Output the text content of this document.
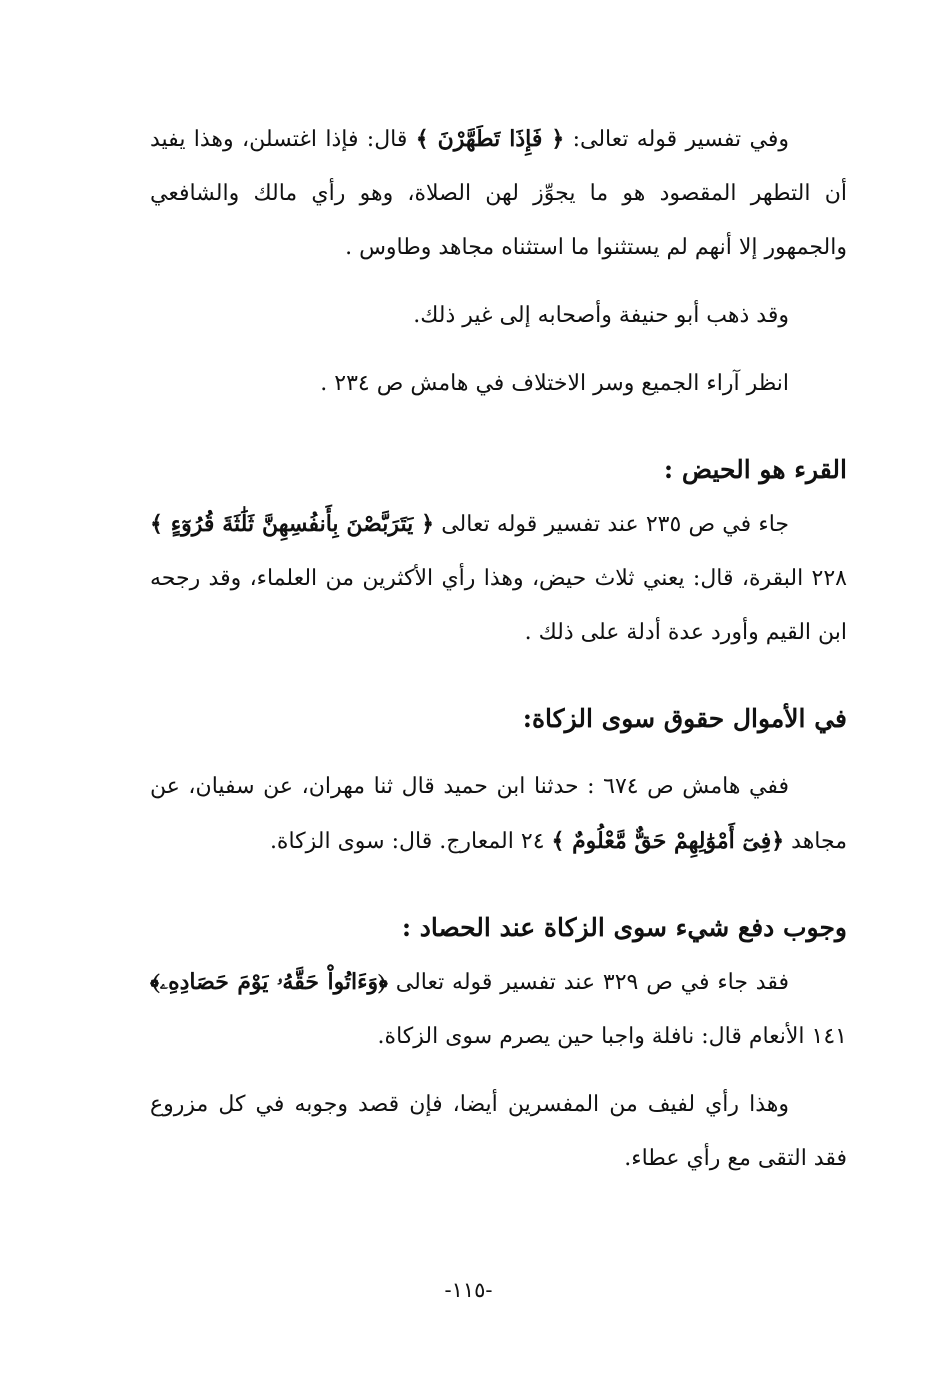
وفي تفسير قوله تعالى: ﴿ فَإِذَا تَطَهَّرْنَ ﴾ قال: فإذا اغتسلن، وهذا يفيد أن التطهر المقصود هو ما يجوِّز لهن الصلاة، وهو رأي مالك والشافعي والجمهور إلا أنهم لم يستثنوا ما استثناه مجاهد وطاوس .

وقد ذهب أبو حنيفة وأصحابه إلى غير ذلك.

انظر آراء الجميع وسر الاختلاف في هامش ص ٢٣٤ .

القرء هو الحيض :

جاء في ص ٢٣٥ عند تفسير قوله تعالى ﴿ يَتَرَبَّصْنَ بِأَنفُسِهِنَّ ثَلَٰثَةَ قُرُوٓءٍ ﴾ ٢٢٨ البقرة، قال: يعني ثلاث حيض، وهذا رأي الأكثرين من العلماء، وقد رجحه ابن القيم وأورد عدة أدلة على ذلك .

في الأموال حقوق سوى الزكاة:

ففي هامش ص ٦٧٤ : حدثنا ابن حميد قال ثنا مهران، عن سفيان، عن مجاهد ﴿فِىٓ أَمْوَٰلِهِمْ حَقٌّ مَّعْلُومٌ ﴾ ٢٤ المعارج. قال: سوى الزكاة.

وجوب دفع شيء سوى الزكاة عند الحصاد :

فقد جاء في ص ٣٢٩ عند تفسير قوله تعالى ﴿وَءَاتُواْ حَقَّهُۥ يَوْمَ حَصَادِهِۦ﴾ ١٤١ الأنعام قال: نافلة واجبا حين يصرم سوى الزكاة.

وهذا رأي لفيف من المفسرين أيضا، فإن قصد وجوبه في كل مزروع فقد التقى مع رأي عطاء.

-١١٥-
